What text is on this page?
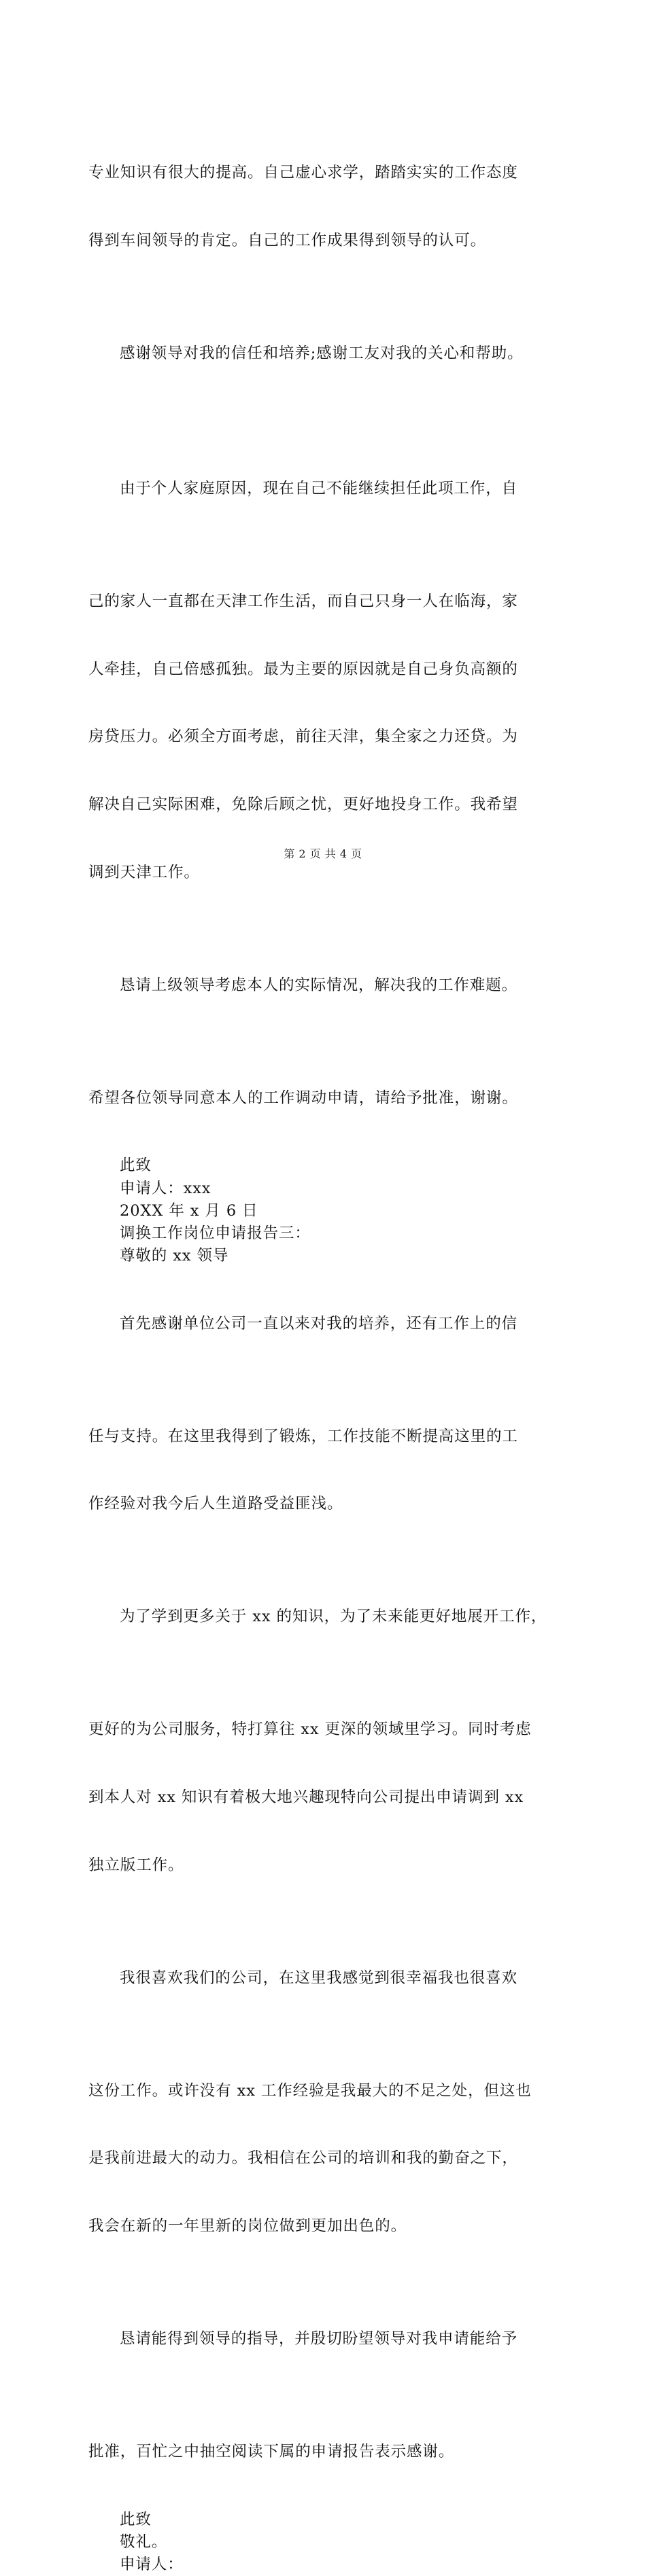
专业知识有很大的提高。自己虚心求学，踏踏实实的工作态度

得到车间领导的肯定。自己的工作成果得到领导的认可。

感谢领导对我的信任和培养;感谢工友对我的关心和帮助。

由于个人家庭原因，现在自己不能继续担任此项工作，自

己的家人一直都在天津工作生活，而自己只身一人在临海，家

人牵挂，自己倍感孤独。最为主要的原因就是自己身负高额的

房贷压力。必须全方面考虑，前往天津，集全家之力还贷。为

解决自己实际困难，免除后顾之忧，更好地投身工作。我希望

调到天津工作。

恳请上级领导考虑本人的实际情况，解决我的工作难题。

希望各位领导同意本人的工作调动申请，请给予批准，谢谢。

此致

申请人：xxx

20XX 年 x 月 6 日

调换工作岗位申请报告三：

尊敬的 xx 领导

首先感谢单位公司一直以来对我的培养，还有工作上的信

任与支持。在这里我得到了锻炼，工作技能不断提高这里的工

作经验对我今后人生道路受益匪浅。

为了学到更多关于 xx 的知识，为了未来能更好地展开工作，

更好的为公司服务，特打算往 xx 更深的领域里学习。同时考虑

到本人对 xx 知识有着极大地兴趣现特向公司提出申请调到 xx

独立版工作。

我很喜欢我们的公司，在这里我感觉到很幸福我也很喜欢

这份工作。或许没有 xx 工作经验是我最大的不足之处，但这也

是我前进最大的动力。我相信在公司的培训和我的勤奋之下，

我会在新的一年里新的岗位做到更加出色的。

恳请能得到领导的指导，并殷切盼望领导对我申请能给予

批准，百忙之中抽空阅读下属的申请报告表示感谢。

此致

敬礼。

申请人：

第 2 页 共 4 页
